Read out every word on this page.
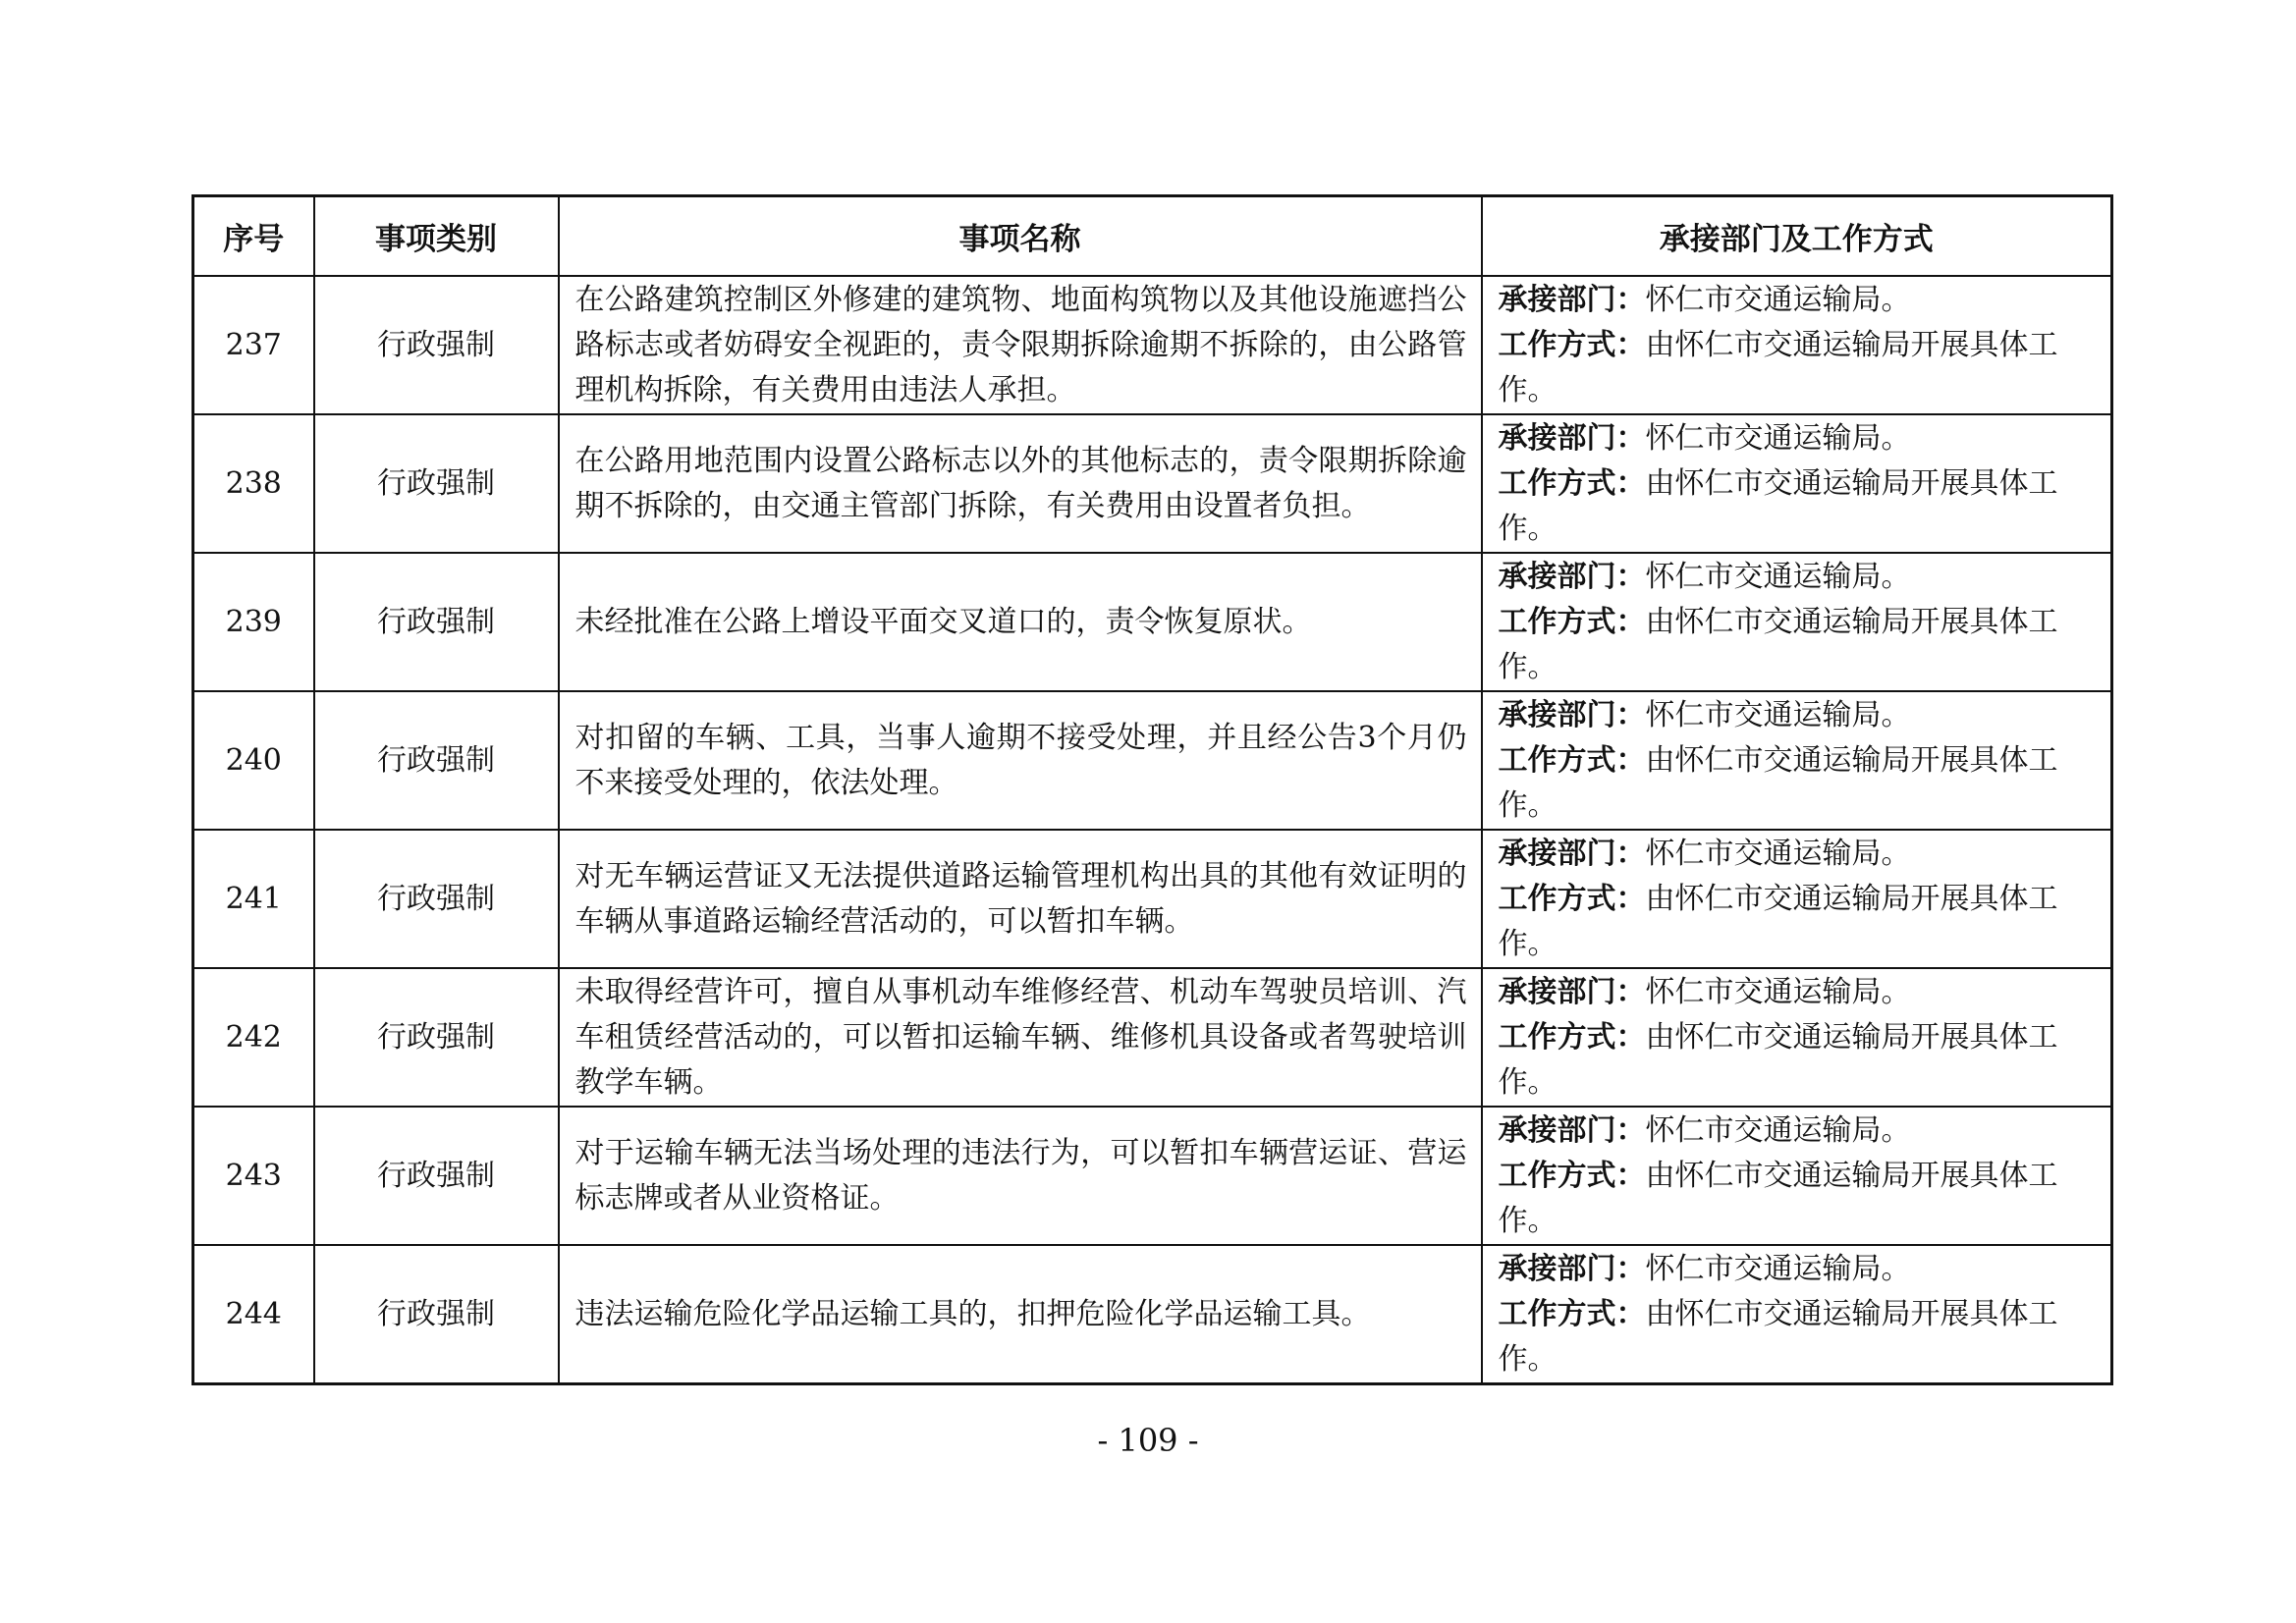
序号	事项类别	事项名称	承接部门及工作方式
237	行政强制	在公路建筑控制区外修建的建筑物、地面构筑物以及其他设施遮挡公路标志或者妨碍安全视距的，责令限期拆除逾期不拆除的，由公路管理机构拆除，有关费用由违法人承担。	承接部门：怀仁市交通运输局。
工作方式：由怀仁市交通运输局开展具体工作。

238	行政强制	在公路用地范围内设置公路标志以外的其他标志的，责令限期拆除逾期不拆除的，由交通主管部门拆除，有关费用由设置者负担。	承接部门：怀仁市交通运输局。
工作方式：由怀仁市交通运输局开展具体工作。

239	行政强制	未经批准在公路上增设平面交叉道口的，责令恢复原状。	承接部门：怀仁市交通运输局。
工作方式：由怀仁市交通运输局开展具体工作。

240	行政强制	对扣留的车辆、工具，当事人逾期不接受处理，并且经公告3个月仍不来接受处理的，依法处理。	承接部门：怀仁市交通运输局。
工作方式：由怀仁市交通运输局开展具体工作。

241	行政强制	对无车辆运营证又无法提供道路运输管理机构出具的其他有效证明的车辆从事道路运输经营活动的，可以暂扣车辆。	承接部门：怀仁市交通运输局。
工作方式：由怀仁市交通运输局开展具体工作。

242	行政强制	未取得经营许可，擅自从事机动车维修经营、机动车驾驶员培训、汽车租赁经营活动的，可以暂扣运输车辆、维修机具设备或者驾驶培训教学车辆。	承接部门：怀仁市交通运输局。
工作方式：由怀仁市交通运输局开展具体工作。

243	行政强制	对于运输车辆无法当场处理的违法行为，可以暂扣车辆营运证、营运标志牌或者从业资格证。	承接部门：怀仁市交通运输局。
工作方式：由怀仁市交通运输局开展具体工作。

244	行政强制	违法运输危险化学品运输工具的，扣押危险化学品运输工具。	承接部门：怀仁市交通运输局。
工作方式：由怀仁市交通运输局开展具体工作。
- 109 -
